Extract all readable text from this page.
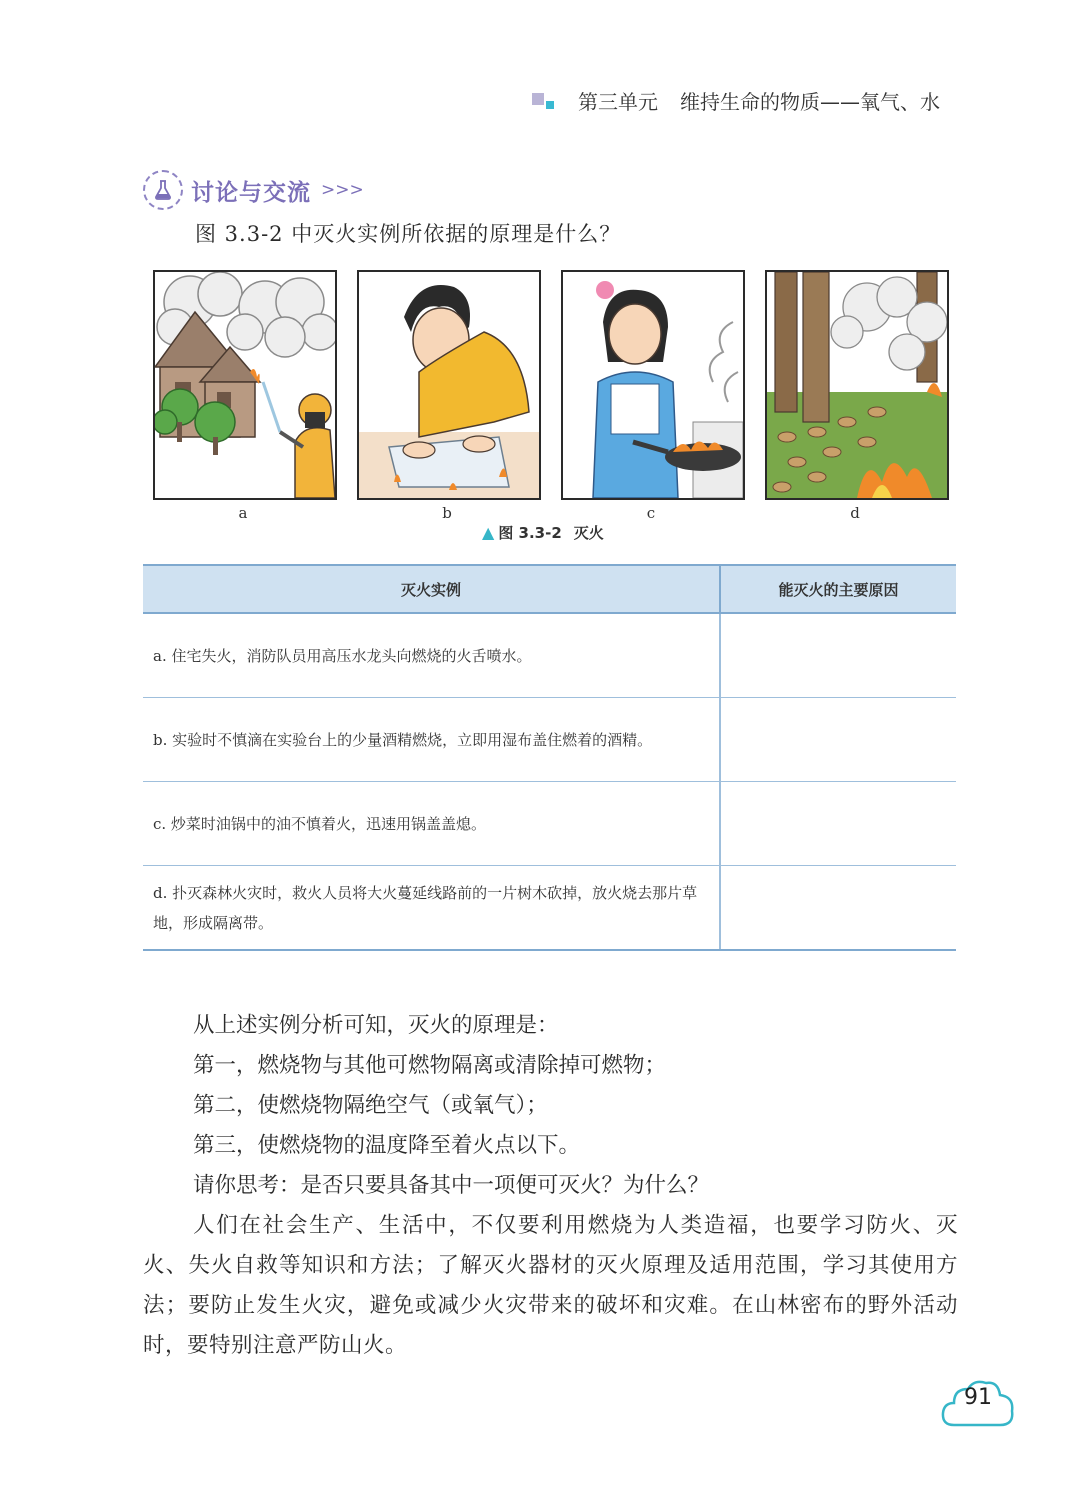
第三单元 维持生命的物质——氧气、水
讨论与交流 >>>
图 3.3-2 中灭火实例所依据的原理是什么？
a	b	c	d
▲ 图 3.3-2 灭火
灭火实例	能灭火的主要原因
a. 住宅失火，消防队员用高压水龙头向燃烧的火舌喷水。	
b. 实验时不慎滴在实验台上的少量酒精燃烧，立即用湿布盖住燃着的酒精。	
c. 炒菜时油锅中的油不慎着火，迅速用锅盖盖熄。	
d. 扑灭森林火灾时，救火人员将大火蔓延线路前的一片树木砍掉，放火烧去那片草地，形成隔离带。	

从上述实例分析可知，灭火的原理是：

第一，燃烧物与其他可燃物隔离或清除掉可燃物；

第二，使燃烧物隔绝空气（或氧气）；

第三，使燃烧物的温度降至着火点以下。

请你思考：是否只要具备其中一项便可灭火？为什么？

人们在社会生产、生活中，不仅要利用燃烧为人类造福，也要学习防火、灭火、失火自救等知识和方法；了解灭火器材的灭火原理及适用范围，学习其使用方法；要防止发生火灾，避免或减少火灾带来的破坏和灾难。在山林密布的野外活动时，要特别注意严防山火。

91
